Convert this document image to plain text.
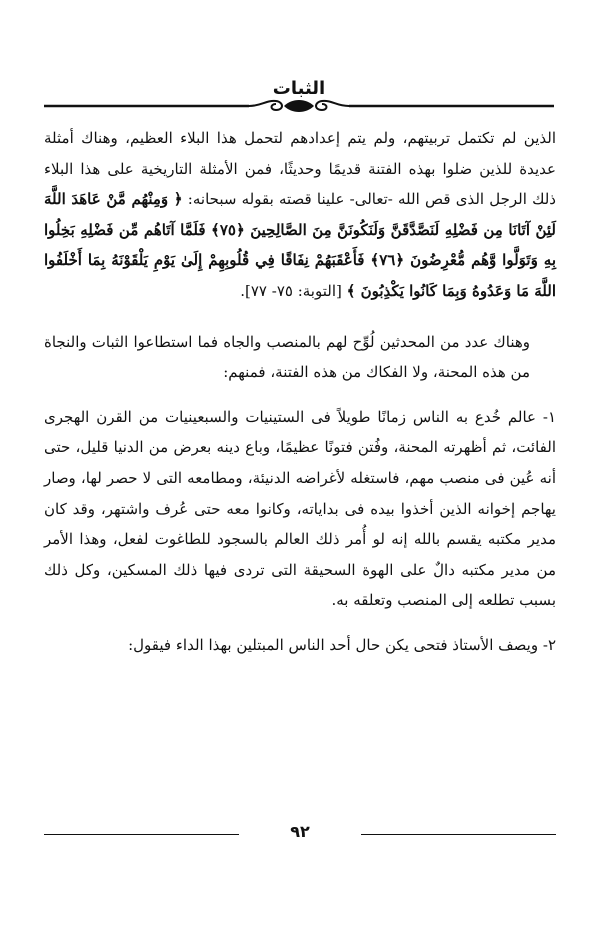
الثبات

الذين لم تكتمل تربيتهم، ولم يتم إعدادهم لتحمل هذا البلاء العظيم، وهناك أمثلة عديدة للذين ضلوا بهذه الفتنة قديمًا وحديثًا، فمن الأمثلة التاريخية على هذا البلاء ذلك الرجل الذى قص الله -تعالى- علينا قصته بقوله سبحانه: ﴿ وَمِنْهُم مَّنْ عَاهَدَ اللَّهَ لَئِنْ آتَانَا مِن فَضْلِهِ لَنَصَّدَّقَنَّ وَلَنَكُونَنَّ مِنَ الصَّالِحِينَ ﴿٧٥﴾ فَلَمَّا آتَاهُم مِّن فَضْلِهِ بَخِلُوا بِهِ وَتَوَلَّوا وَّهُم مُّعْرِضُونَ ﴿٧٦﴾ فَأَعْقَبَهُمْ نِفَاقًا فِي قُلُوبِهِمْ إِلَىٰ يَوْمِ يَلْقَوْنَهُ بِمَا أَخْلَفُوا اللَّهَ مَا وَعَدُوهُ وَبِمَا كَانُوا يَكْذِبُونَ ﴾ [التوبة: ٧٥- ٧٧].

وهناك عدد من المحدثين لُوِّح لهم بالمنصب والجاه فما استطاعوا الثبات والنجاة من هذه المحنة، ولا الفكاك من هذه الفتنة، فمنهم:

١- عالم خُدع به الناس زمانًا طويلاً فى الستينيات والسبعينيات من القرن الهجرى الفائت، ثم أظهرته المحنة، وفُتن فتونًا عظيمًا، وباع دينه بعرض من الدنيا قليل، حتى أنه عُين فى منصب مهم، فاستغله لأغراضه الدنيئة، ومطامعه التى لا حصر لها، وصار يهاجم إخوانه الذين أخذوا بيده فى بداياته، وكانوا معه حتى عُرف واشتهر، وقد كان مدير مكتبه يقسم بالله إنه لو أُمر ذلك العالم بالسجود للطاغوت لفعل، وهذا الأمر من مدير مكتبه دالٌ على الهوة السحيقة التى تردى فيها ذلك المسكين، وكل ذلك بسبب تطلعه إلى المنصب وتعلقه به.

٢- ويصف الأستاذ فتحى يكن حال أحد الناس المبتلين بهذا الداء فيقول:

٩٢
